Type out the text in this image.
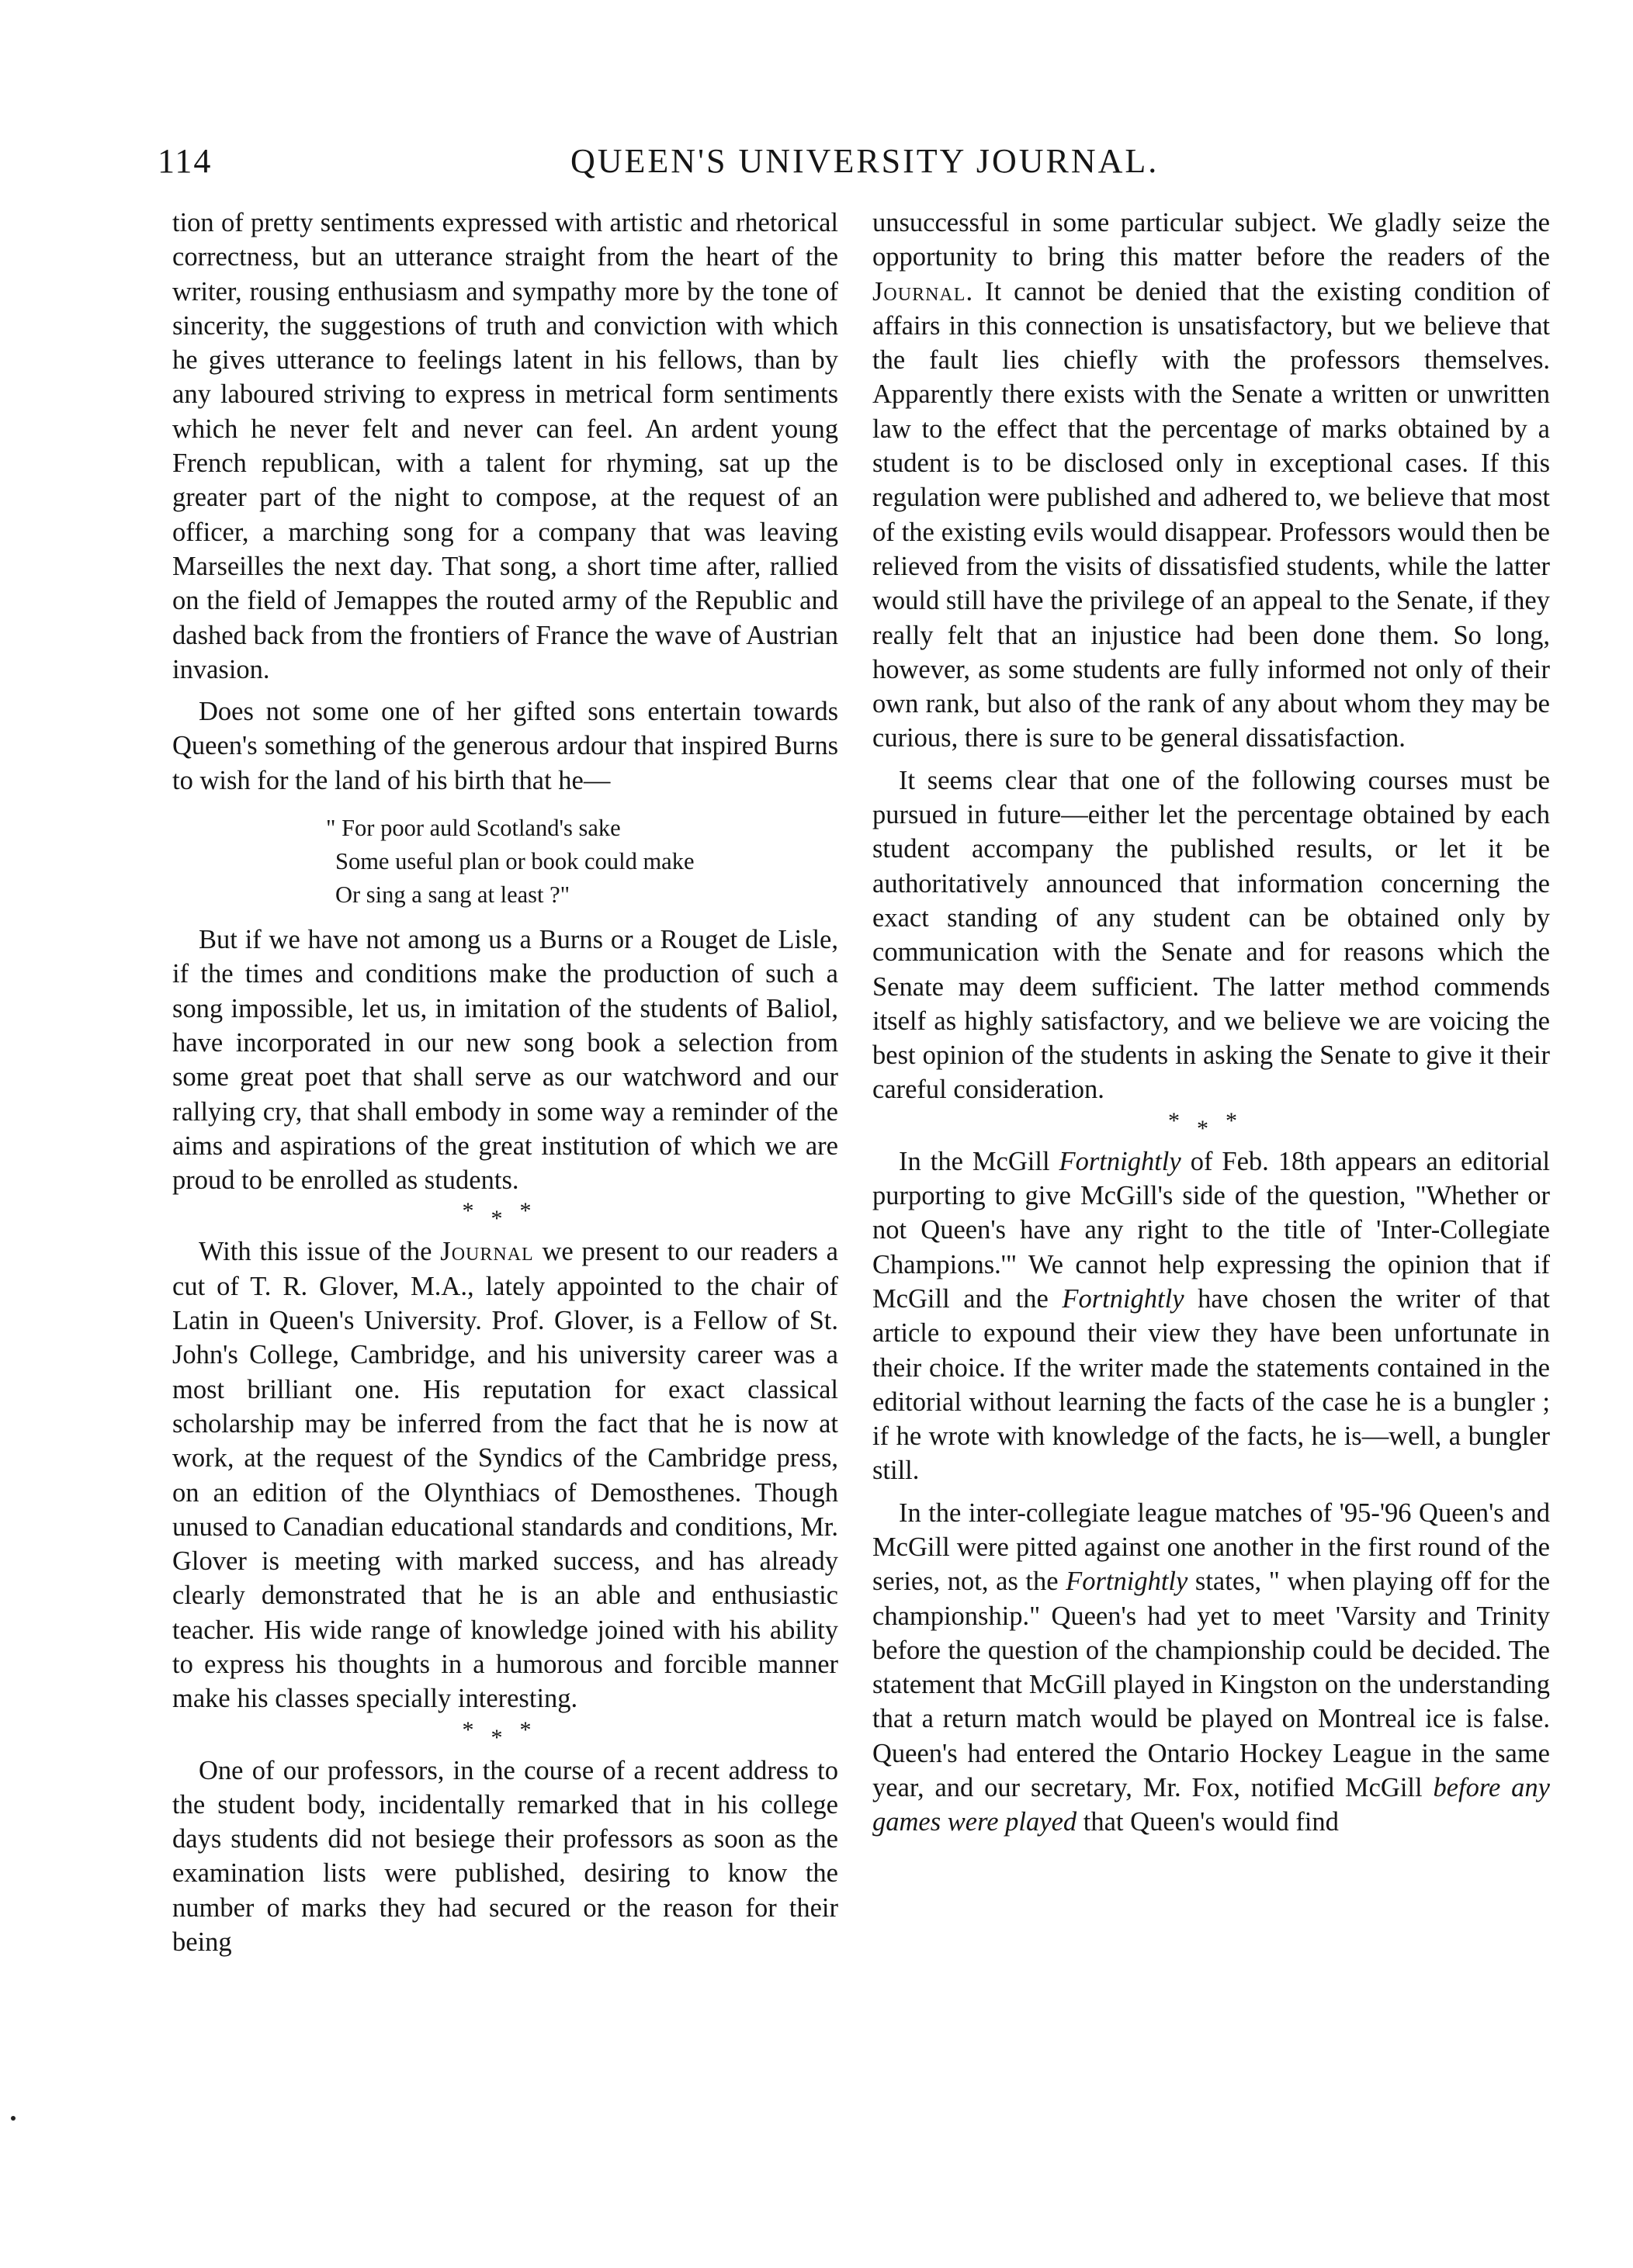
114	QUEEN'S UNIVERSITY JOURNAL.

tion of pretty sentiments expressed with artistic and rhetorical correctness, but an utterance straight from the heart of the writer, rousing enthusiasm and sympathy more by the tone of sincerity, the suggestions of truth and conviction with which he gives utterance to feelings latent in his fellows, than by any laboured striving to express in metrical form sentiments which he never felt and never can feel. An ardent young French republican, with a talent for rhyming, sat up the greater part of the night to compose, at the request of an officer, a marching song for a company that was leaving Marseilles the next day. That song, a short time after, rallied on the field of Jemappes the routed army of the Republic and dashed back from the frontiers of France the wave of Austrian invasion.

Does not some one of her gifted sons entertain towards Queen's something of the generous ardour that inspired Burns to wish for the land of his birth that he—

" For poor auld Scotland's sake
Some useful plan or book could make
Or sing a sang at least ?"

But if we have not among us a Burns or a Rouget de Lisle, if the times and conditions make the production of such a song impossible, let us, in imitation of the students of Baliol, have incorporated in our new song book a selection from some great poet that shall serve as our watchword and our rallying cry, that shall embody in some way a reminder of the aims and aspirations of the great institution of which we are proud to be enrolled as students.

***

With this issue of the Journal we present to our readers a cut of T. R. Glover, M.A., lately appointed to the chair of Latin in Queen's University. Prof. Glover, is a Fellow of St. John's College, Cambridge, and his university career was a most brilliant one. His reputation for exact classical scholarship may be inferred from the fact that he is now at work, at the request of the Syndics of the Cambridge press, on an edition of the Olynthiacs of Demosthenes. Though unused to Canadian educational standards and conditions, Mr. Glover is meeting with marked success, and has already clearly demonstrated that he is an able and enthusiastic teacher. His wide range of knowledge joined with his ability to express his thoughts in a humorous and forcible manner make his classes specially interesting.

***

One of our professors, in the course of a recent address to the student body, incidentally remarked that in his college days students did not besiege their professors as soon as the examination lists were published, desiring to know the number of marks they had secured or the reason for their being

unsuccessful in some particular subject. We gladly seize the opportunity to bring this matter before the readers of the Journal. It cannot be denied that the existing condition of affairs in this connection is unsatisfactory, but we believe that the fault lies chiefly with the professors themselves. Apparently there exists with the Senate a written or unwritten law to the effect that the percentage of marks obtained by a student is to be disclosed only in exceptional cases. If this regulation were published and adhered to, we believe that most of the existing evils would disappear. Professors would then be relieved from the visits of dissatisfied students, while the latter would still have the privilege of an appeal to the Senate, if they really felt that an injustice had been done them. So long, however, as some students are fully informed not only of their own rank, but also of the rank of any about whom they may be curious, there is sure to be general dissatisfaction.

It seems clear that one of the following courses must be pursued in future—either let the percentage obtained by each student accompany the published results, or let it be authoritatively announced that information concerning the exact standing of any student can be obtained only by communication with the Senate and for reasons which the Senate may deem sufficient. The latter method commends itself as highly satisfactory, and we believe we are voicing the best opinion of the students in asking the Senate to give it their careful consideration.

***

In the McGill Fortnightly of Feb. 18th appears an editorial purporting to give McGill's side of the question, "Whether or not Queen's have any right to the title of 'Inter-Collegiate Champions.'" We cannot help expressing the opinion that if McGill and the Fortnightly have chosen the writer of that article to expound their view they have been unfortunate in their choice. If the writer made the statements contained in the editorial without learning the facts of the case he is a bungler ; if he wrote with knowledge of the facts, he is—well, a bungler still.

In the inter-collegiate league matches of '95-'96 Queen's and McGill were pitted against one another in the first round of the series, not, as the Fortnightly states, " when playing off for the championship." Queen's had yet to meet 'Varsity and Trinity before the question of the championship could be decided. The statement that McGill played in Kingston on the understanding that a return match would be played on Montreal ice is false. Queen's had entered the Ontario Hockey League in the same year, and our secretary, Mr. Fox, notified McGill before any games were played that Queen's would find
